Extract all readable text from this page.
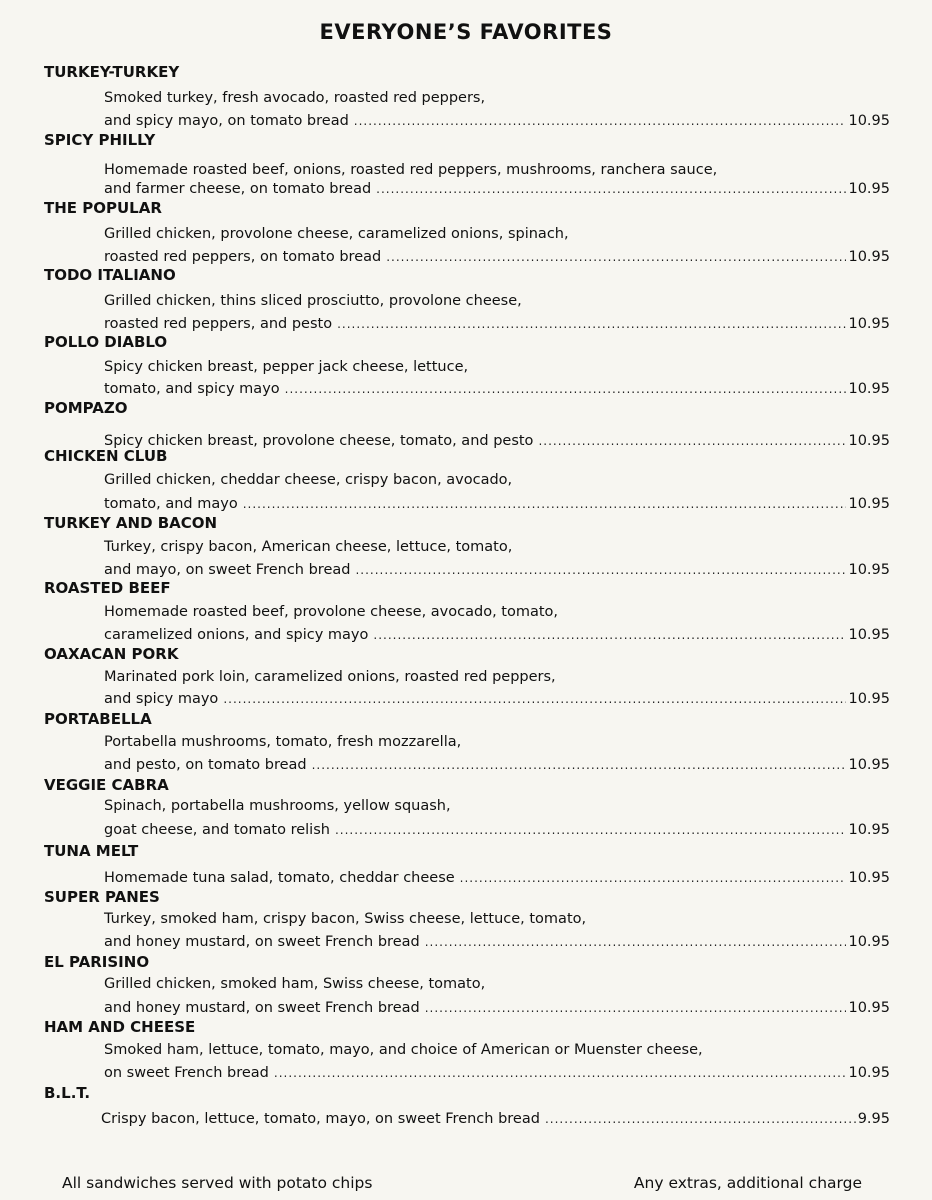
EVERYONE’S FAVORITES
TURKEY-TURKEY
Smoked turkey, fresh avocado, roasted red peppers,
and spicy mayo, on tomato bread .....	10.95
SPICY PHILLY
Homemade roasted beef, onions, roasted red peppers, mushrooms, ranchera sauce,
and farmer cheese, on tomato bread .....	10.95
THE POPULAR
Grilled chicken, provolone cheese, caramelized onions, spinach,
roasted red peppers, on tomato bread .....	10.95
TODO ITALIANO
Grilled chicken, thins sliced prosciutto, provolone cheese,
roasted red peppers, and pesto .....	10.95
POLLO DIABLO
Spicy chicken breast, pepper jack cheese, lettuce,
tomato, and spicy mayo .....	10.95
POMPAZO
Spicy chicken breast, provolone cheese, tomato, and pesto .....	10.95
CHICKEN CLUB
Grilled chicken, cheddar cheese, crispy bacon, avocado,
tomato, and mayo .....	10.95
TURKEY AND BACON
Turkey, crispy bacon, American cheese, lettuce, tomato,
and mayo, on sweet French bread .....	10.95
ROASTED BEEF
Homemade roasted beef, provolone cheese, avocado, tomato,
caramelized onions, and spicy mayo .....	10.95
OAXACAN PORK
Marinated pork loin, caramelized onions, roasted red peppers,
and spicy mayo .....	10.95
PORTABELLA
Portabella mushrooms, tomato, fresh mozzarella,
and pesto, on tomato bread .....	10.95
VEGGIE CABRA
Spinach, portabella mushrooms, yellow squash,
goat cheese, and tomato relish .....	10.95
TUNA MELT
Homemade tuna salad, tomato, cheddar cheese .....	10.95
SUPER PANES
Turkey, smoked ham, crispy bacon, Swiss cheese, lettuce, tomato,
and honey mustard, on sweet French bread .....	10.95
EL PARISINO
Grilled chicken, smoked ham, Swiss cheese, tomato,
and honey mustard, on sweet French bread .....	10.95
HAM AND CHEESE
Smoked ham, lettuce, tomato, mayo, and choice of American or Muenster cheese,
on sweet French bread .....	10.95
B.L.T.
Crispy bacon, lettuce, tomato, mayo, on sweet French bread .....	9.95
All sandwiches served with potato chips	Any extras, additional charge
